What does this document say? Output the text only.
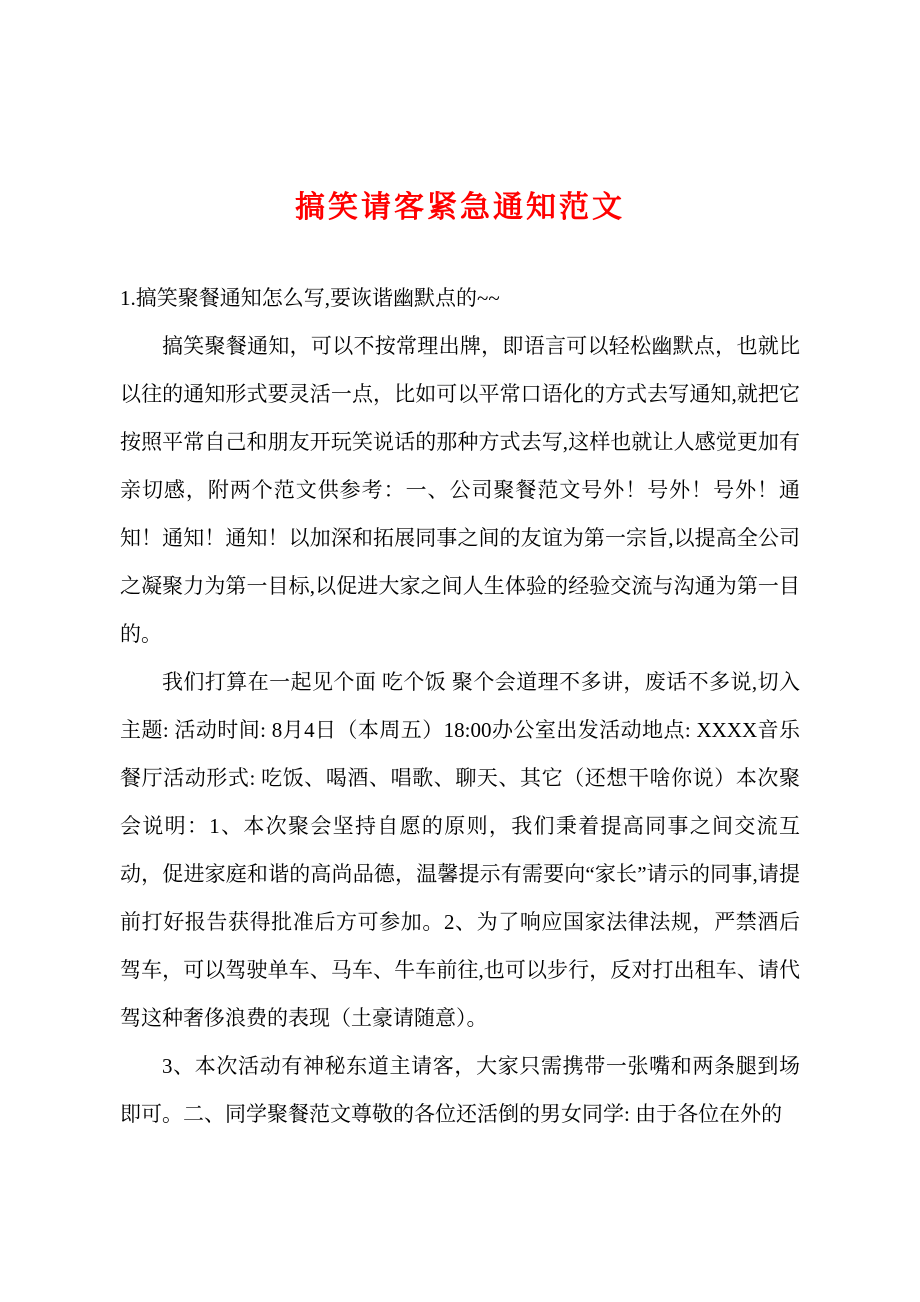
搞笑请客紧急通知范文

1.搞笑聚餐通知怎么写,要诙谐幽默点的~~

搞笑聚餐通知，可以不按常理出牌，即语言可以轻松幽默点，也就比以往的通知形式要灵活一点，比如可以平常口语化的方式去写通知,就把它按照平常自己和朋友开玩笑说话的那种方式去写,这样也就让人感觉更加有亲切感，附两个范文供参考：一、公司聚餐范文号外！号外！号外！通知！通知！通知！以加深和拓展同事之间的友谊为第一宗旨,以提高全公司之凝聚力为第一目标,以促进大家之间人生体验的经验交流与沟通为第一目的。

我们打算在一起见个面 吃个饭 聚个会道理不多讲，废话不多说,切入主题: 活动时间: 8月4日（本周五）18:00办公室出发活动地点: XXXX音乐餐厅活动形式: 吃饭、喝酒、唱歌、聊天、其它（还想干啥你说）本次聚会说明：1、本次聚会坚持自愿的原则，我们秉着提高同事之间交流互动，促进家庭和谐的高尚品德，温馨提示有需要向“家长”请示的同事,请提前打好报告获得批准后方可参加。2、为了响应国家法律法规，严禁酒后驾车，可以驾驶单车、马车、牛车前往,也可以步行，反对打出租车、请代驾这种奢侈浪费的表现（土豪请随意）。

3、本次活动有神秘东道主请客，大家只需携带一张嘴和两条腿到场即可。二、同学聚餐范文尊敬的各位还活倒的男女同学: 由于各位在外的
